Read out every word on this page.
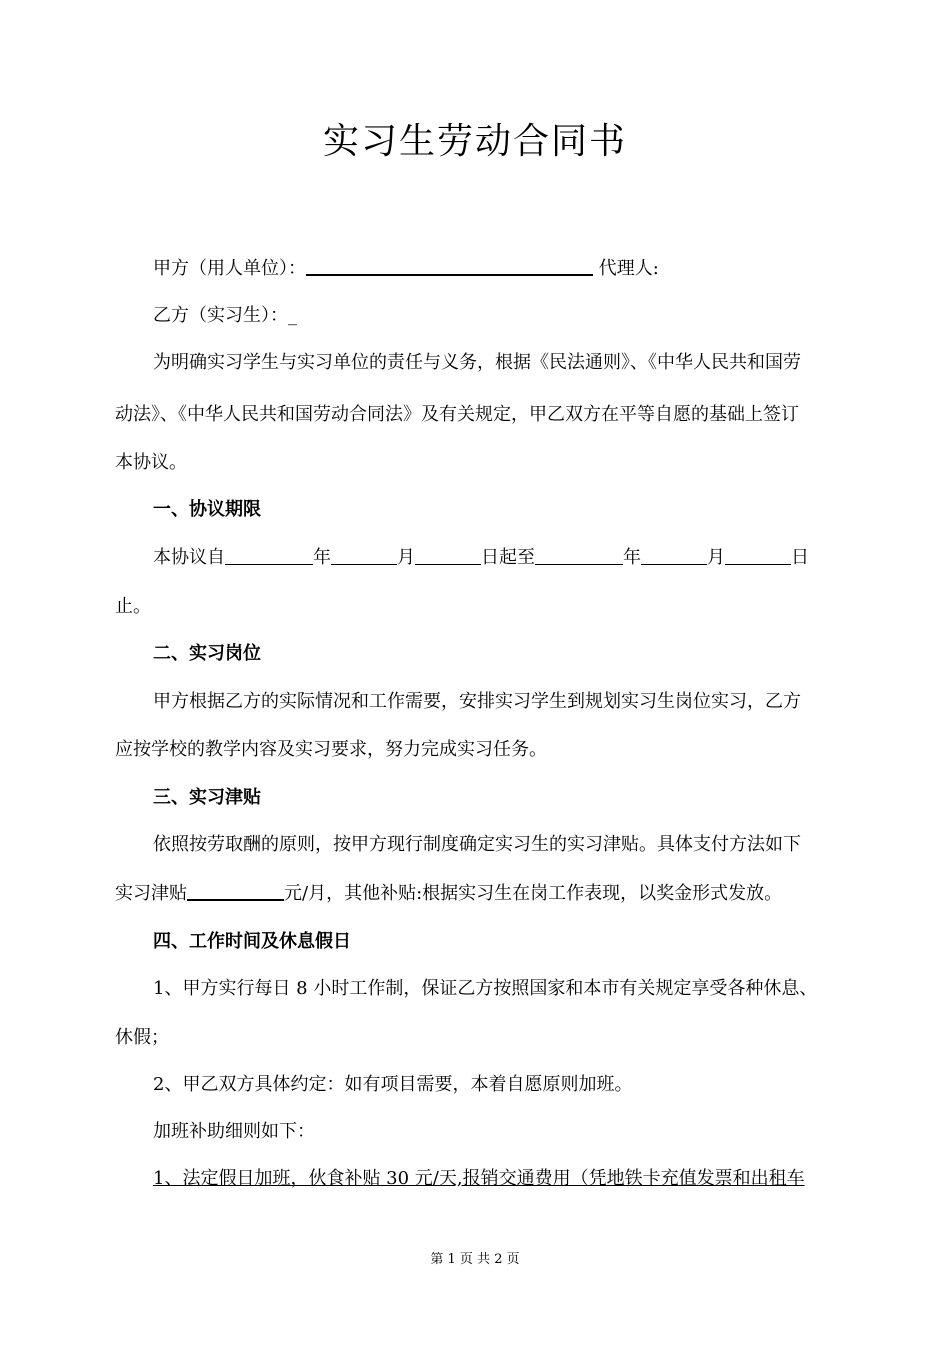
实习生劳动合同书
甲方（用人单位）：	代理人:
乙方（实习生）：_
为明确实习学生与实习单位的责任与义务，根据《民法通则》、《中华人民共和国劳
动法》、《中华人民共和国劳动合同法》及有关规定，甲乙双方在平等自愿的基础上签订
本协议。
一、协议期限
本协议自	年	月	日起至	年	月	日
止。
二、实习岗位
甲方根据乙方的实际情况和工作需要，安排实习学生到规划实习生岗位实习，乙方
应按学校的教学内容及实习要求，努力完成实习任务。
三、实习津贴
依照按劳取酬的原则，按甲方现行制度确定实习生的实习津贴。具体支付方法如下
实习津贴	元/月，其他补贴:根据实习生在岗工作表现，以奖金形式发放。
四、工作时间及休息假日
1、甲方实行每日 8 小时工作制，保证乙方按照国家和本市有关规定享受各种休息、
休假；
2、甲乙双方具体约定：如有项目需要，本着自愿原则加班。
加班补助细则如下：
1、法定假日加班，伙食补贴 30 元/天,报销交通费用（凭地铁卡充值发票和出租车
第 1 页 共 2 页
